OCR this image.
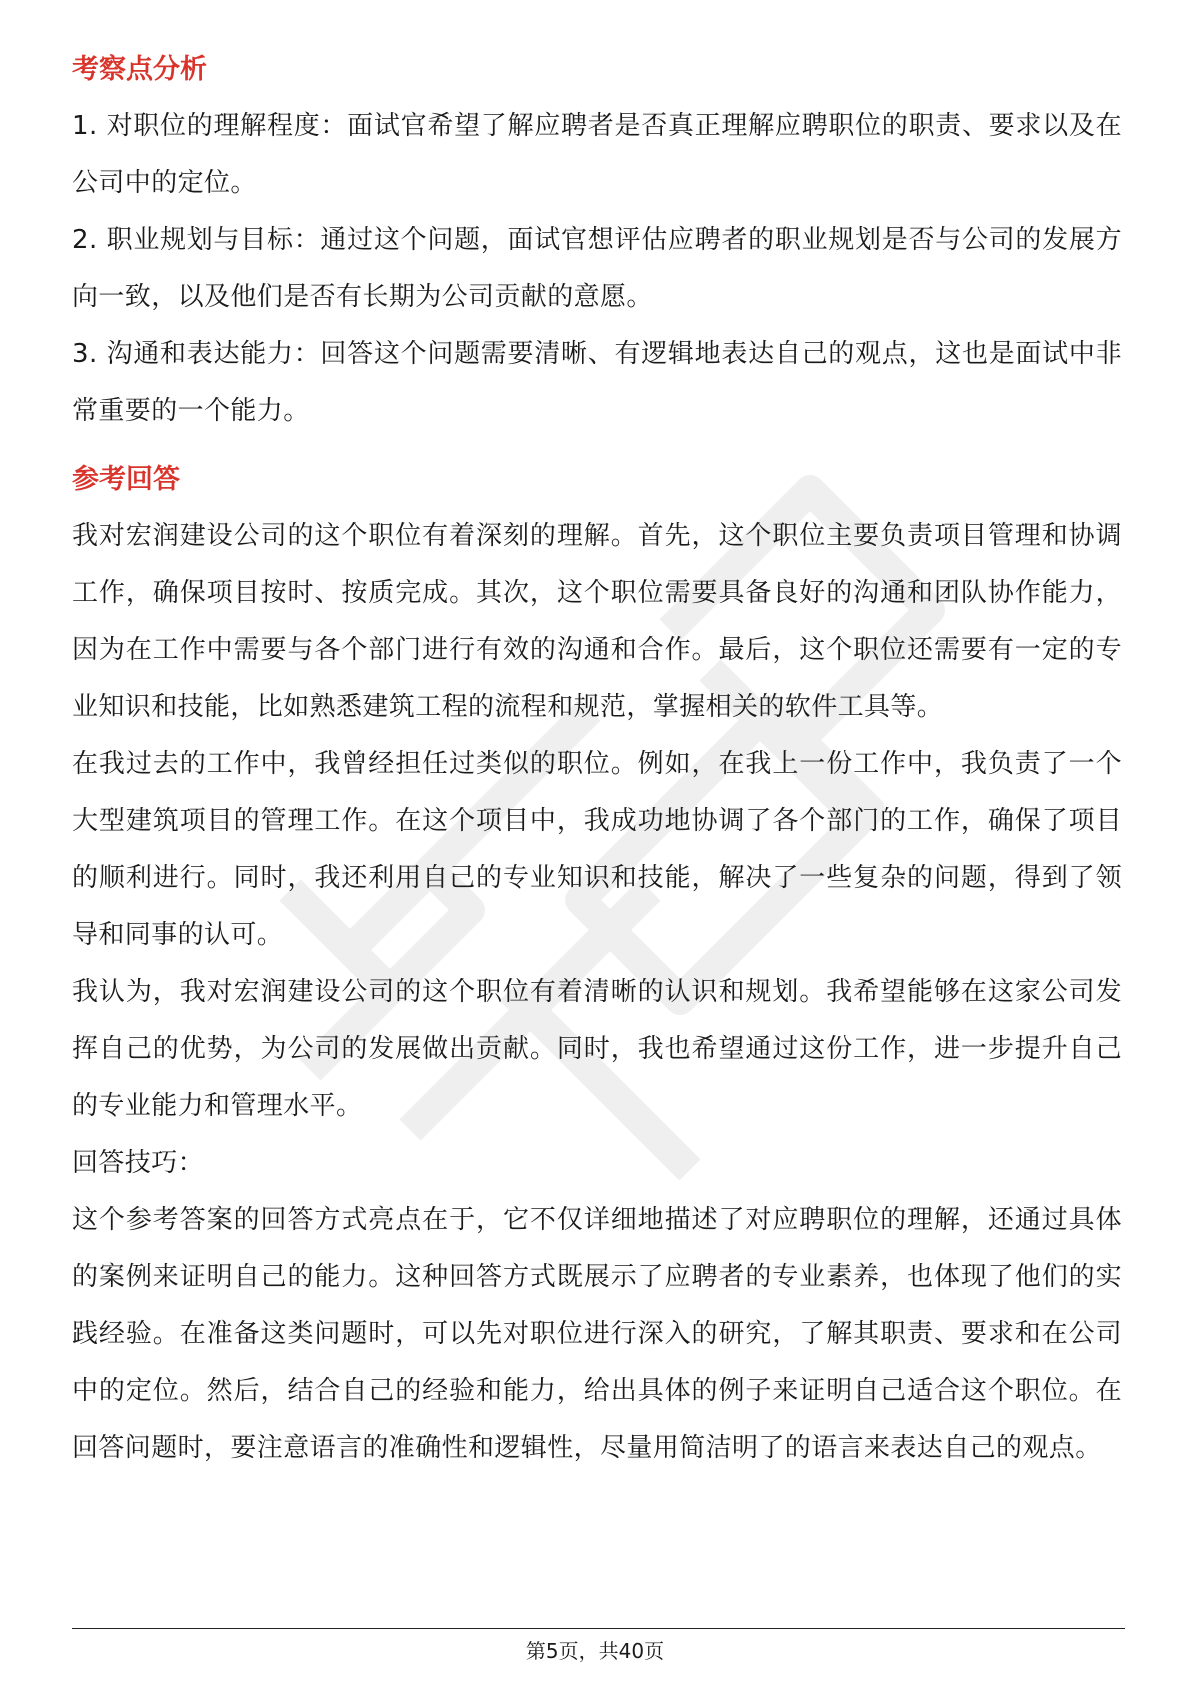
考察点分析

1. 对职位的理解程度：面试官希望了解应聘者是否真正理解应聘职位的职责、要求以及在公司中的定位。

2. 职业规划与目标：通过这个问题，面试官想评估应聘者的职业规划是否与公司的发展方向一致，以及他们是否有长期为公司贡献的意愿。

3. 沟通和表达能力：回答这个问题需要清晰、有逻辑地表达自己的观点，这也是面试中非常重要的一个能力。

参考回答

我对宏润建设公司的这个职位有着深刻的理解。首先，这个职位主要负责项目管理和协调工作，确保项目按时、按质完成。其次，这个职位需要具备良好的沟通和团队协作能力，因为在工作中需要与各个部门进行有效的沟通和合作。最后，这个职位还需要有一定的专业知识和技能，比如熟悉建筑工程的流程和规范，掌握相关的软件工具等。

在我过去的工作中，我曾经担任过类似的职位。例如，在我上一份工作中，我负责了一个大型建筑项目的管理工作。在这个项目中，我成功地协调了各个部门的工作，确保了项目的顺利进行。同时，我还利用自己的专业知识和技能，解决了一些复杂的问题，得到了领导和同事的认可。

我认为，我对宏润建设公司的这个职位有着清晰的认识和规划。我希望能够在这家公司发挥自己的优势，为公司的发展做出贡献。同时，我也希望通过这份工作，进一步提升自己的专业能力和管理水平。

回答技巧：

这个参考答案的回答方式亮点在于，它不仅详细地描述了对应聘职位的理解，还通过具体的案例来证明自己的能力。这种回答方式既展示了应聘者的专业素养，也体现了他们的实践经验。在准备这类问题时，可以先对职位进行深入的研究，了解其职责、要求和在公司中的定位。然后，结合自己的经验和能力，给出具体的例子来证明自己适合这个职位。在回答问题时，要注意语言的准确性和逻辑性，尽量用简洁明了的语言来表达自己的观点。

第5页，共40页
